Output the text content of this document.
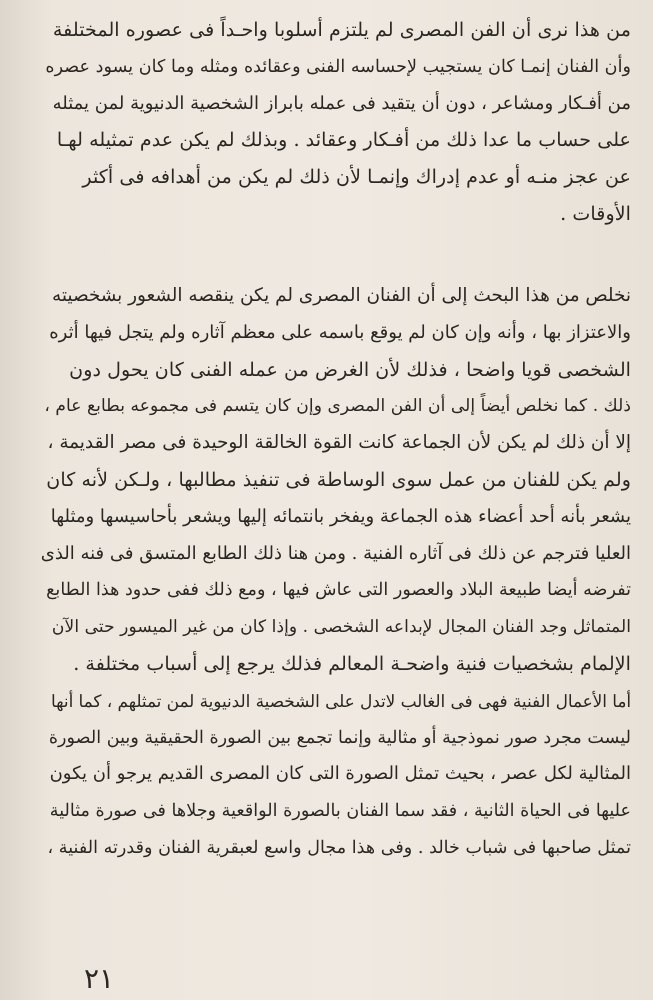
من هذا نرى أن الفن المصرى لم يلتزم أسلوبا واحـداً فى عصوره المختلفة
وأن الفنان إنمـا كان يستجيب لإحساسه الفنى وعقائده ومثله وما كان يسود عصره
من أفـكار ومشاعر ، دون أن يتقيد فى عمله بابراز الشخصية الدنيوية لمن يمثله
على حساب ما عدا ذلك من أفـكار وعقائد . وبذلك لم يكن عدم تمثيله لهـا
عن عجز منـه أو عدم إدراك وإنمـا لأن ذلك لم يكن من أهدافه فى أكثر
الأوقات .
نخلص من هذا البحث إلى أن الفنان المصرى لم يكن ينقصه الشعور بشخصيته
والاعتزاز بها ، وأنه وإن كان لم يوقع باسمه على معظم آثاره ولم يتجل فيها أثره
الشخصى قويا واضحا ، فذلك لأن الغرض من عمله الفنى كان يحول دون
ذلك . كما نخلص أيضاً إلى أن الفن المصرى وإن كان يتسم فى مجموعه بطابع عام ،
إلا أن ذلك لم يكن لأن الجماعة كانت القوة الخالقة الوحيدة فى مصر القديمة ،
ولم يكن للفنان من عمل سوى الوساطة فى تنفيذ مطالبها ، ولـكن لأنه كان
يشعر بأنه أحد أعضاء هذه الجماعة ويفخر بانتمائه إليها ويشعر بأحاسيسها ومثلها
العليا فترجم عن ذلك فى آثاره الفنية . ومن هنا ذلك الطابع المتسق فى فنه الذى
تفرضه أيضا طبيعة البلاد والعصور التى عاش فيها ، ومع ذلك ففى حدود هذا الطابع
المتماثل وجد الفنان المجال لإبداعه الشخصى . وإذا كان من غير الميسور حتى الآن
الإلمام بشخصيات فنية واضحـة المعالم فذلك يرجع إلى أسباب مختلفة .
أما الأعمال الفنية فهى فى الغالب لاتدل على الشخصية الدنيوية لمن تمثلهم ، كما أنها
ليست مجرد صور نموذجية أو مثالية وإنما تجمع بين الصورة الحقيقية وبين الصورة
المثالية لكل عصر ، بحيث تمثل الصورة التى كان المصرى القديم يرجو أن يكون
عليها فى الحياة الثانية ، فقد سما الفنان بالصورة الواقعية وجلاها فى صورة مثالية
تمثل صاحبها فى شباب خالد . وفى هذا مجال واسع لعبقرية الفنان وقدرته الفنية ،
٢١
